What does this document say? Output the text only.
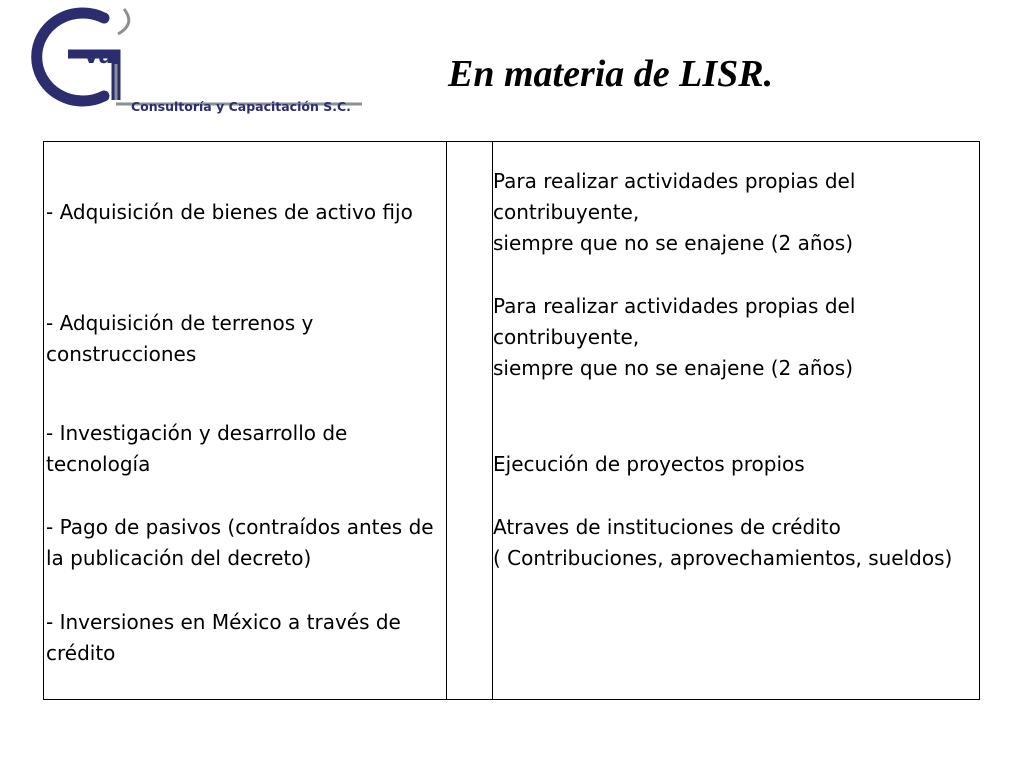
va
Consultoría y Capacitación S.C.
En materia de LISR.
- Adquisición de bienes de activo fijo
- Adquisición de terrenos y construcciones
- Investigación y desarrollo de tecnología
- Pago de pasivos (contraídos antes de la publicación del decreto)
- Inversiones en México a través de crédito
Para realizar actividades propias del contribuyente,
siempre que no se enajene (2 años)
Para realizar actividades propias del contribuyente,
siempre que no se enajene (2 años)
Ejecución de proyectos propios
Atraves de instituciones de crédito
( Contribuciones, aprovechamientos, sueldos)
